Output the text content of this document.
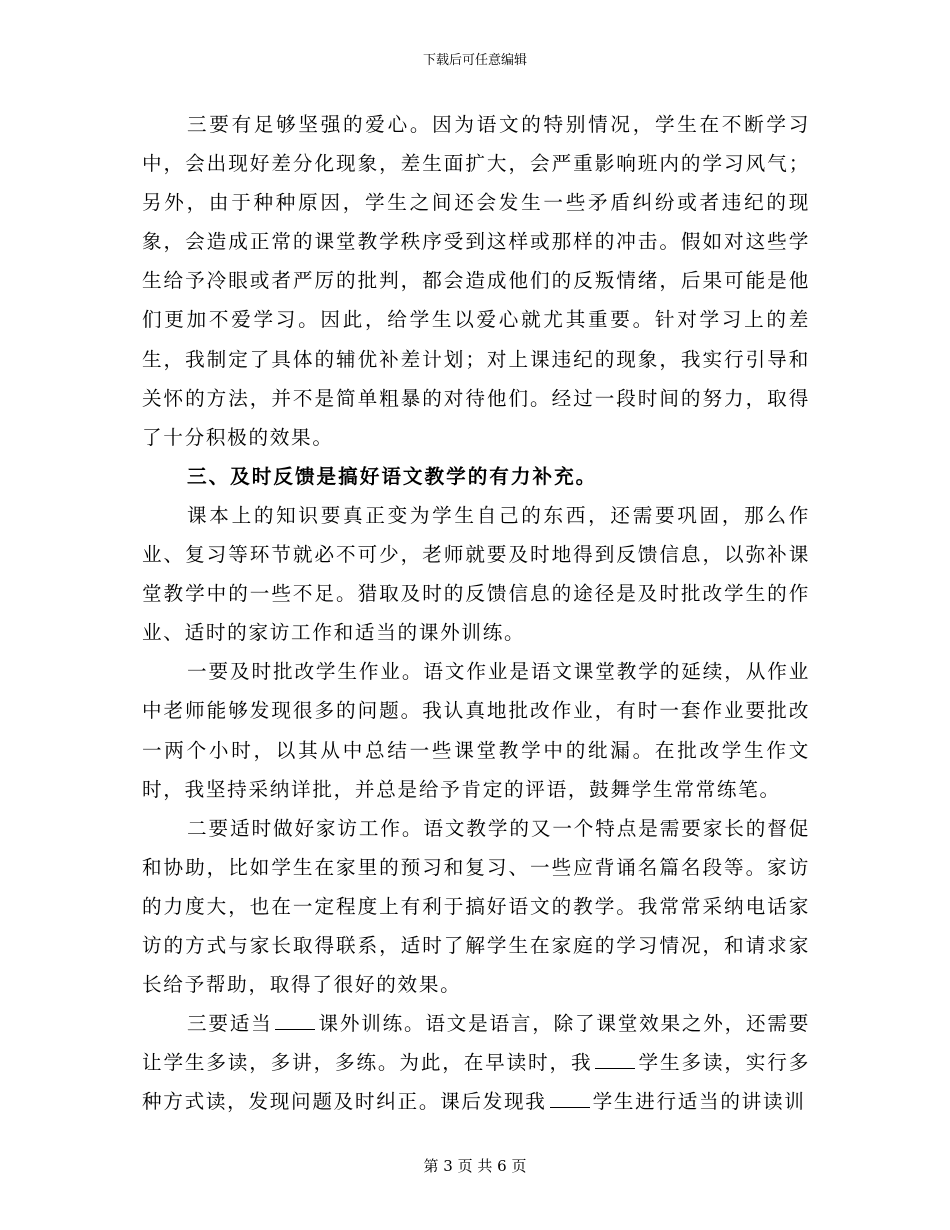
下载后可任意编辑

三要有足够坚强的爱心。因为语文的特别情况，学生在不断学习中，会出现好差分化现象，差生面扩大，会严重影响班内的学习风气；另外，由于种种原因，学生之间还会发生一些矛盾纠纷或者违纪的现象，会造成正常的课堂教学秩序受到这样或那样的冲击。假如对这些学生给予冷眼或者严厉的批判，都会造成他们的反叛情绪，后果可能是他们更加不爱学习。因此，给学生以爱心就尤其重要。针对学习上的差生，我制定了具体的辅优补差计划；对上课违纪的现象，我实行引导和关怀的方法，并不是简单粗暴的对待他们。经过一段时间的努力，取得了十分积极的效果。

三、及时反馈是搞好语文教学的有力补充。

课本上的知识要真正变为学生自己的东西，还需要巩固，那么作业、复习等环节就必不可少，老师就要及时地得到反馈信息，以弥补课堂教学中的一些不足。猎取及时的反馈信息的途径是及时批改学生的作业、适时的家访工作和适当的课外训练。

一要及时批改学生作业。语文作业是语文课堂教学的延续，从作业中老师能够发现很多的问题。我认真地批改作业，有时一套作业要批改一两个小时，以其从中总结一些课堂教学中的纰漏。在批改学生作文时，我坚持采纳详批，并总是给予肯定的评语，鼓舞学生常常练笔。

二要适时做好家访工作。语文教学的又一个特点是需要家长的督促和协助，比如学生在家里的预习和复习、一些应背诵名篇名段等。家访的力度大，也在一定程度上有利于搞好语文的教学。我常常采纳电话家访的方式与家长取得联系，适时了解学生在家庭的学习情况，和请求家长给予帮助，取得了很好的效果。

三要适当 课外训练。语文是语言，除了课堂效果之外，还需要让学生多读，多讲，多练。为此，在早读时，我 学生多读，实行多种方式读，发现问题及时纠正。课后发现我 学生进行适当的讲读训

第 3 页 共 6 页
